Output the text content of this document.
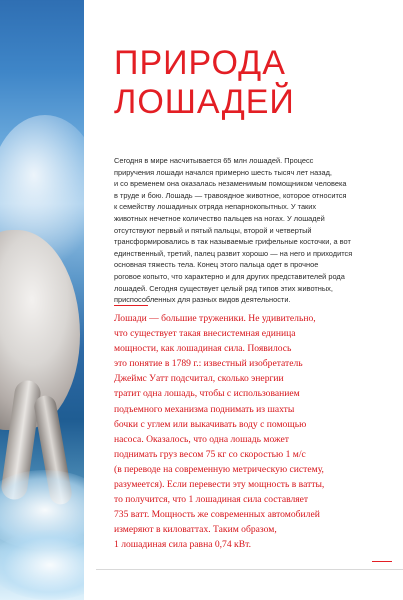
ПРИРОДА
ЛОШАДЕЙ

Сегодня в мире насчитывается 65 млн лошадей. Процесс
приручения лошади начался примерно шесть тысяч лет назад,
и со временем она оказалась незаменимым помощником человека
в труде и бою. Лошадь — травоядное животное, которое относится
к семейству лошадиных отряда непарнокопытных. У таких
животных нечетное количество пальцев на ногах. У лошадей
отсутствуют первый и пятый пальцы, второй и четвертый
трансформировались в так называемые грифельные косточки, а вот
единственный, третий, палец развит хорошо — на него и приходится
основная тяжесть тела. Конец этого пальца одет в прочное
роговое копыто, что характерно и для других представителей рода
лошадей. Сегодня существует целый ряд типов этих животных,
приспособленных для разных видов деятельности.

Лошади — большие труженики. Не удивительно,
что существует такая внесистемная единица
мощности, как лошадиная сила. Появилось
это понятие в 1789 г.: известный изобретатель
Джеймс Уатт подсчитал, сколько энергии
тратит одна лошадь, чтобы с использованием
подъемного механизма поднимать из шахты
бочки с углем или выкачивать воду с помощью
насоса. Оказалось, что одна лошадь может
поднимать груз весом 75 кг со скоростью 1 м/с
(в переводе на современную метрическую систему,
разумеется). Если перевести эту мощность в ватты,
то получится, что 1 лошадиная сила составляет
735 ватт. Мощность же современных автомобилей
измеряют в киловаттах. Таким образом,
1 лошадиная сила равна 0,74 кВт.
